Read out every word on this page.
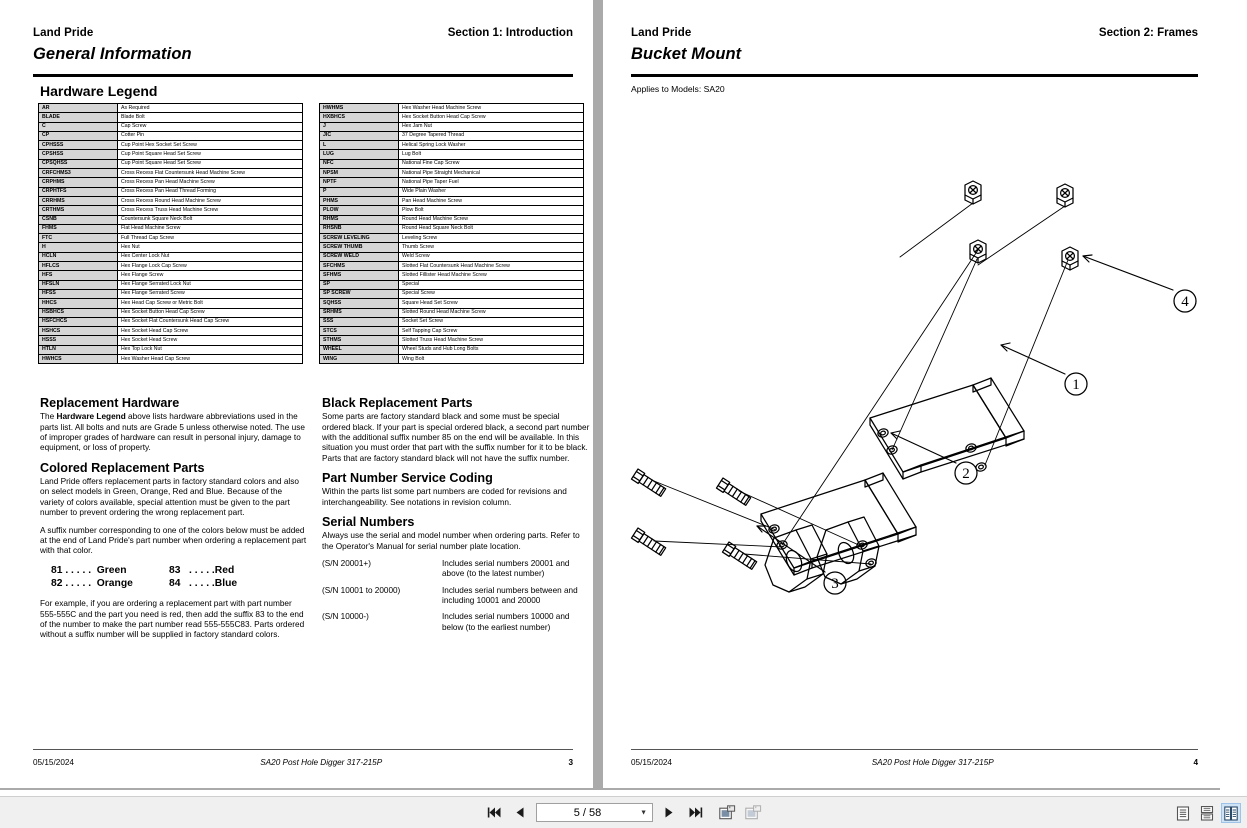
Land Pride	Section 1: Introduction
General Information
Hardware Legend
AR	As Required
BLADE	Blade Bolt
C	Cap Screw
CP	Cotter Pin
CPHSSS	Cup Point Hex Socket Set Screw
CPSHSS	Cup Point Square Head Set Screw
CPSQHSS	Cup Point Square Head Set Screw
CRFCHMS3	Cross Recess Flat Countersunk Head Machine Screw
CRPHMS	Cross Recess Pan Head Machine Screw
CRPHTFS	Cross Recess Pan Head Thread Forming
CRRHMS	Cross Recess Round Head Machine Screw
CRTHMS	Cross Recess Truss Head Machine Screw
CSNB	Countersunk Square Neck Bolt
FHMS	Flat Head Machine Screw
FTC	Full Thread Cap Screw
H	Hex Nut
HCLN	Hex Center Lock Nut
HFLCS	Hex Flange Lock Cap Screw
HFS	Hex Flange Screw
HFSLN	Hex Flange Serrated Lock Nut
HFSS	Hex Flange Serrated Screw
HHCS	Hex Head Cap Screw or Metric Bolt
HSBHCS	Hex Socket Button Head Cap Screw
HSFCHCS	Hex Socket Flat Countersunk Head Cap Screw
HSHCS	Hex Socket Head Cap Screw
HSSS	Hex Socket Head Screw
HTLN	Hex Top Lock Nut
HWHCS	Hex Washer Head Cap Screw
HWHMS	Hex Washer Head Machine Screw
HXBHCS	Hex Socket Button Head Cap Screw
J	Hex Jam Nut
JIC	37 Degree Tapered Thread
L	Helical Spring Lock Washer
LUG	Lug Bolt
NFC	National Fine Cap Screw
NPSM	National Pipe Straight Mechanical
NPTF	National Pipe Taper Fuel
P	Wide Plain Washer
PHMS	Pan Head Machine Screw
PLOW	Plow Bolt
RHMS	Round Head Machine Screw
RHSNB	Round Head Square Neck Bolt
SCREW LEVELING	Leveling Screw
SCREW THUMB	Thumb Screw
SCREW WELD	Weld Screw
SFCHMS	Slotted Flat Countersunk Head Machine Screw
SFHMS	Slotted Fillister Head Machine Screw
SP	Special
SP SCREW	Special Screw
SQHSS	Square Head Set Screw
SRHMS	Slotted Round Head Machine Screw
SSS	Socket Set Screw
STCS	Self Tapping Cap Screw
STHMS	Slotted Truss Head Machine Screw
WHEEL	Wheel Studs and Hub Long Bolts
WING	Wing Bolt
Replacement Hardware
The Hardware Legend above lists hardware abbreviations used in the parts list. All bolts and nuts are Grade 5 unless otherwise noted. The use of improper grades of hardware can result in personal injury, damage to equipment, or loss of property.
Colored Replacement Parts
Land Pride offers replacement parts in factory standard colors and also on select models in Green, Orange, Red and Blue. Because of the variety of colors available, special attention must be given to the part number to prevent ordering the wrong replacement part.
A suffix number corresponding to one of the colors below must be added at the end of Land Pride's part number when ordering a replacement part with that color.
81 . . . . .  Green	83   . . . . .Red
82 . . . . .  Orange	84   . . . . .Blue
For example, if you are ordering a replacement part with part number 555-555C and the part you need is red, then add the suffix 83 to the end of the number to make the part number read 555-555C83. Parts ordered without a suffix number will be supplied in factory standard colors.
Black Replacement Parts
Some parts are factory standard black and some must be special ordered black. If your part is special ordered black, a second part number with the additional suffix number 85 on the end will be available. In this situation you must order that part with the suffix number for it to be black. Parts that are factory standard black will not have the suffix number.
Part Number Service Coding
Within the parts list some part numbers are coded for revisions and interchangeability. See notations in revision column.
Serial Numbers
Always use the serial and model number when ordering parts. Refer to the Operator's Manual for serial number plate location.
(S/N 20001+)	Includes serial numbers 20001 and above (to the latest number)
(S/N 10001 to 20000)	Includes serial numbers between and including 10001 and 20000
(S/N 10000-)	Includes serial numbers 10000 and below (to the earliest number)
05/15/2024	SA20 Post Hole Digger 317-215P	3
Land Pride	Section 2: Frames
Bucket Mount
Applies to Models: SA20
1
2
3
4
05/15/2024	SA20 Post Hole Digger 317-215P	4
5 / 58
▼
